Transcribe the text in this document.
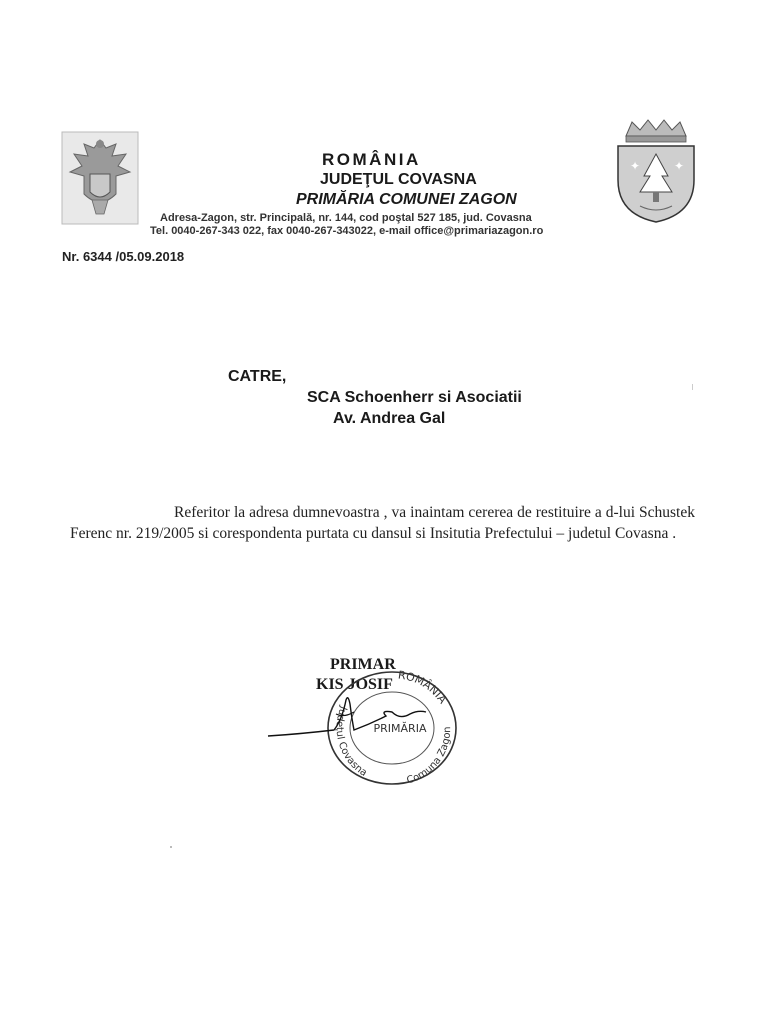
✦	✦
ROMÂNIA
JUDEŢUL COVASNA
PRIMĂRIA COMUNEI ZAGON
Adresa-Zagon, str. Principală, nr. 144, cod poştal 527 185, jud. Covasna
Tel. 0040-267-343 022, fax 0040-267-343022, e-mail office@primariazagon.ro
Nr. 6344 /05.09.2018
CATRE,
SCA Schoenherr si Asociatii
Av. Andrea Gal
Referitor la adresa dumnevoastra , va inaintam cererea de restituire a d-lui Schustek Ferenc nr. 219/2005 si corespondenta purtata cu dansul si Insitutia Prefectului – judetul Covasna .
PRIMAR
KIS JOSIF
ROMÂNIA
Judeţul Covasna
Comuna Zagon
PRIMĂRIA
